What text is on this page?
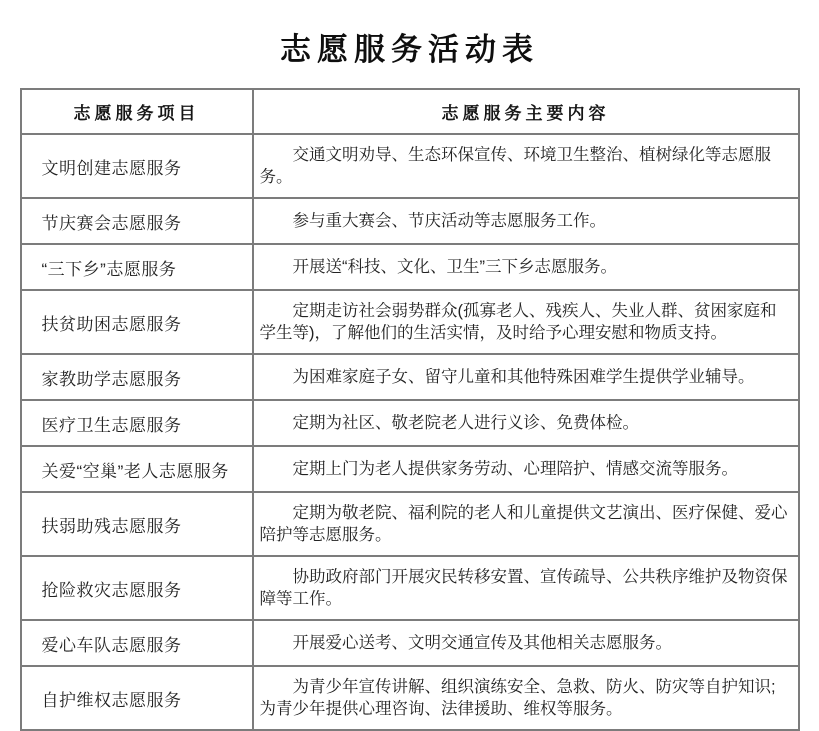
志愿服务活动表
志愿服务项目	志愿服务主要内容
文明创建志愿服务	交通文明劝导、生态环保宣传、环境卫生整治、植树绿化等志愿服务。
节庆赛会志愿服务	参与重大赛会、节庆活动等志愿服务工作。
“三下乡”志愿服务	开展送“科技、文化、卫生”三下乡志愿服务。
扶贫助困志愿服务	定期走访社会弱势群众(孤寡老人、残疾人、失业人群、贫困家庭和学生等)，了解他们的生活实情，及时给予心理安慰和物质支持。
家教助学志愿服务	为困难家庭子女、留守儿童和其他特殊困难学生提供学业辅导。
医疗卫生志愿服务	定期为社区、敬老院老人进行义诊、免费体检。
关爱“空巢”老人志愿服务	定期上门为老人提供家务劳动、心理陪护、情感交流等服务。
扶弱助残志愿服务	定期为敬老院、福利院的老人和儿童提供文艺演出、医疗保健、爱心陪护等志愿服务。
抢险救灾志愿服务	协助政府部门开展灾民转移安置、宣传疏导、公共秩序维护及物资保障等工作。
爱心车队志愿服务	开展爱心送考、文明交通宣传及其他相关志愿服务。
自护维权志愿服务	为青少年宣传讲解、组织演练安全、急救、防火、防灾等自护知识;为青少年提供心理咨询、法律援助、维权等服务。
